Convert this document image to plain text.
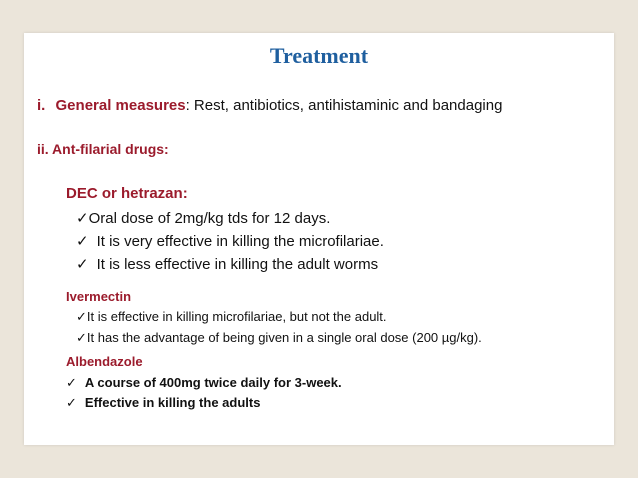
Treatment
i. General measures: Rest, antibiotics, antihistaminic and bandaging
ii. Ant-filarial drugs:
DEC or hetrazan:
✓Oral dose of 2mg/kg tds for 12 days.
✓ It is very effective in killing the microfilariae.
✓ It is less effective in killing the adult worms
Ivermectin
✓It is effective in killing microfilariae, but not the adult.
✓It has the advantage of being given in a single oral dose (200 µg/kg).
Albendazole
✓ A course of 400mg twice daily for 3-week.
✓ Effective in killing the adults
